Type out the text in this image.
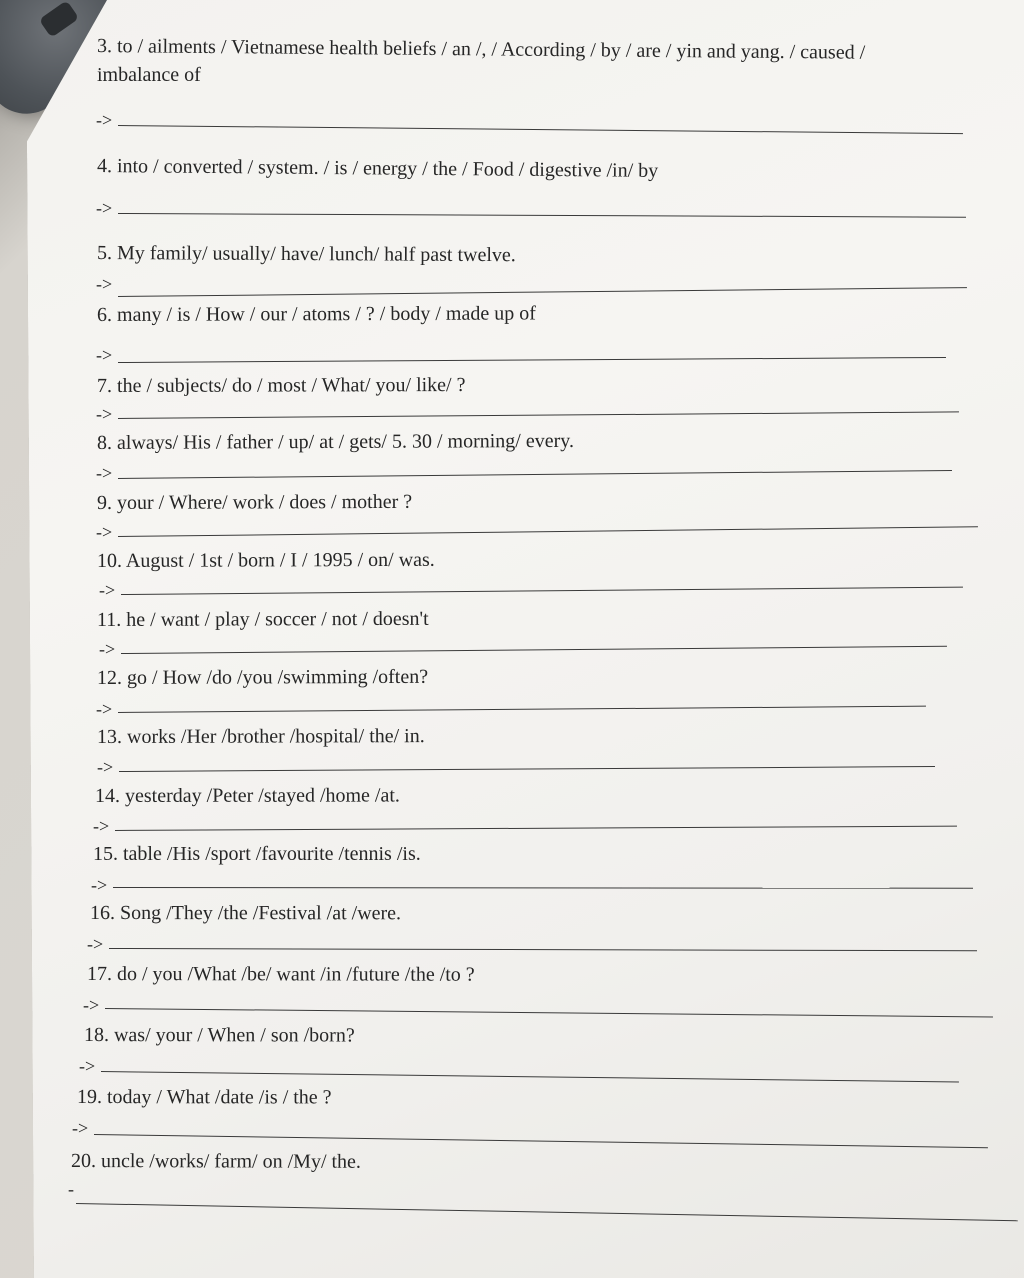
3. to / ailments / Vietnamese health beliefs / an /, / According / by / are / yin and yang. / caused /
imbalance of
->
4. into / converted / system. / is / energy / the / Food / digestive /in/ by
->
5. My family/ usually/ have/ lunch/ half past twelve.
->
6. many / is / How / our / atoms / ? / body / made up of
->
7. the / subjects/ do / most / What/ you/ like/ ?
->
8. always/ His / father / up/ at / gets/ 5. 30 / morning/ every.
->
9. your / Where/ work / does / mother ?
->
10. August / 1st / born / I / 1995 / on/ was.
->
11. he / want / play / soccer / not / doesn't
->
12. go / How /do /you /swimming /often?
->
13. works /Her /brother /hospital/ the/ in.
->
14. yesterday /Peter /stayed /home /at.
->
15. table /His /sport /favourite /tennis /is.
->
16. Song /They /the /Festival /at /were.
->
17. do / you /What /be/ want /in /future /the /to ?
->
18. was/ your / When / son /born?
->
19. today / What /date /is / the ?
->
20. uncle /works/ farm/ on /My/ the.
-
